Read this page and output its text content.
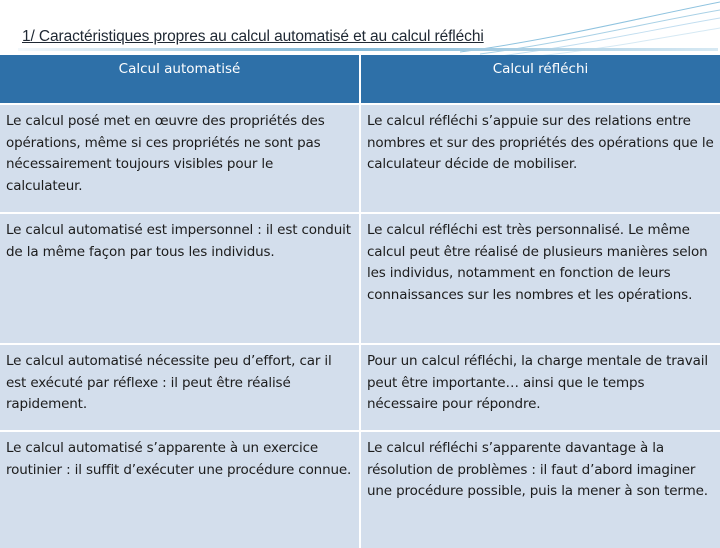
1/ Caractéristiques propres au calcul automatisé et au calcul réfléchi
Calcul automatisé	Calcul réfléchi
Le calcul posé met en œuvre des propriétés des opérations, même si ces propriétés ne sont pas nécessairement toujours visibles pour le calculateur.	Le calcul réfléchi s’appuie sur des relations entre nombres et sur des propriétés des opérations que le calculateur décide de mobiliser.
Le calcul automatisé est impersonnel : il est conduit de la même façon par tous les individus.	Le calcul réfléchi est très personnalisé. Le même calcul peut être réalisé de plusieurs manières selon les individus, notamment en fonction de leurs connaissances sur les nombres et les opérations.
Le calcul automatisé nécessite peu d’effort, car il est exécuté par réflexe : il peut être réalisé rapidement.	Pour un calcul réfléchi, la charge mentale de travail peut être importante… ainsi que le temps nécessaire pour répondre.
Le calcul automatisé s’apparente à un exercice routinier : il suffit d’exécuter une procédure connue.	Le calcul réfléchi s’apparente davantage à la résolution de problèmes : il faut d’abord imaginer une procédure possible, puis la mener à son terme.
